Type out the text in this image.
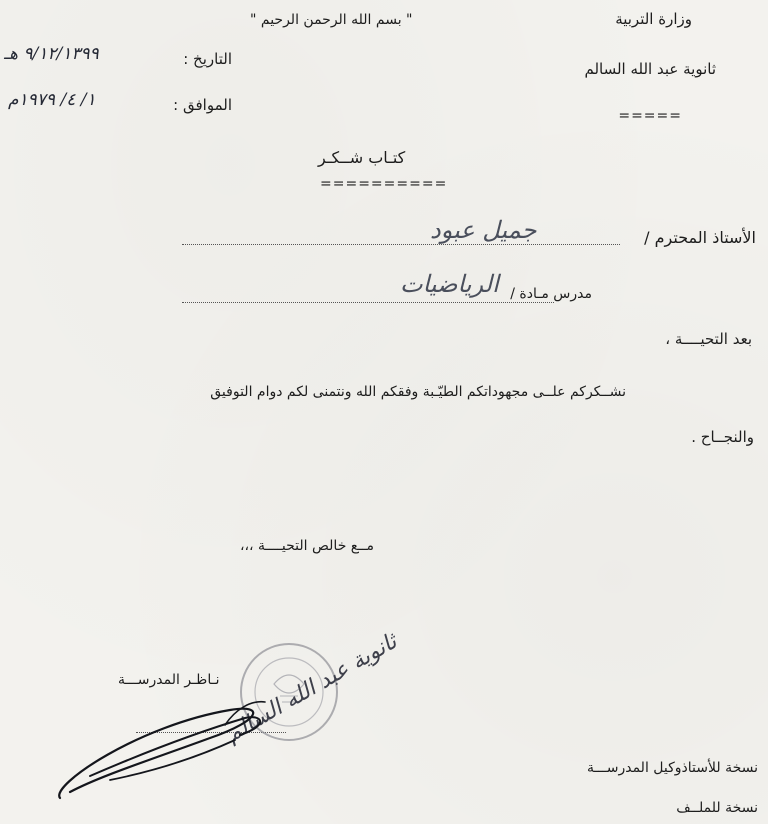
" بسم الله الرحمن الرحيم "	وزارة التربية
ثانوية عبد الله السالم
=====
التاريخ :
٩/١٢/١٣٩٩ هـ
الموافق :
١/ ٤/ ١٩٧٩م
كتـاب شــكـر
==========
الأستاذ المحترم /
جميل عبود
مدرس مـادة /
الرياضيات
بعد التحيــــة ،
نشــكركم علــى مجهوداتكم الطيّـبة وفقكم الله ونتمنى لكم دوام التوفيق
والنجــاح .
مــع خالص التحيــــة ،،،
نـاظـر المدرســـة ثانوية عبد الله السالم
نسخة للأستاذوكيل المدرســـة
نسخة للملــف
